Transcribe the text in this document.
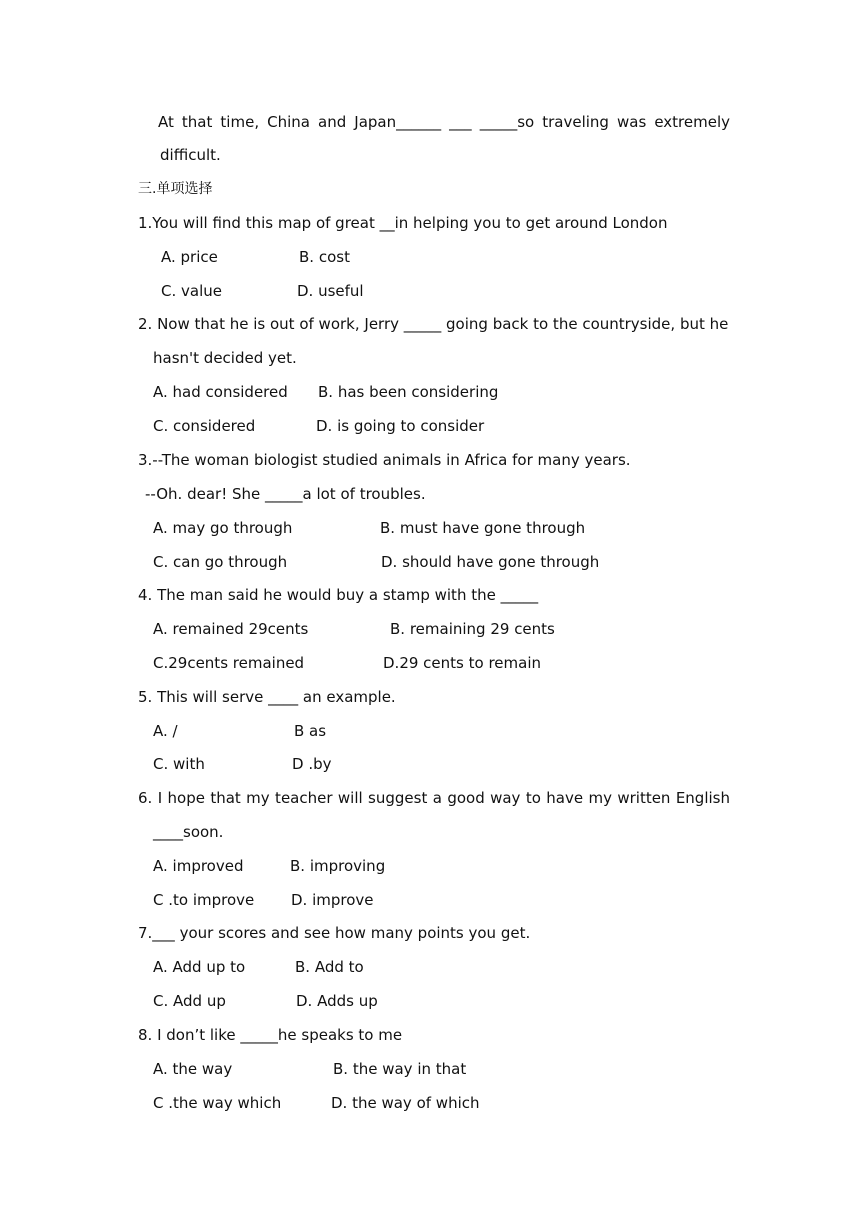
At that time, China and Japan______ ___ _____so traveling was extremely
difficult.
三.单项选择
1.You will find this map of great __in helping you to get around London
A. price	B. cost
C. value	D. useful
2. Now that he is out of work, Jerry _____ going back to the countryside, but he
hasn't decided yet.
A. had considered B. has been considering
C. considered	D. is going to consider
3.--The woman biologist studied animals in Africa for many years.
--Oh. dear! She _____a lot of troubles.
A. may go through	B. must have gone through
C. can go through	D. should have gone through
4. The man said he would buy a stamp with the _____
A. remained 29cents	B. remaining 29 cents
C.29cents remained	D.29 cents to remain
5. This will serve ____ an example.
A. /	B as
C. with	D .by
6. I hope that my teacher will suggest a good way to have my written English
____soon.
A. improved	B. improving
C .to improve D. improve
7.___ your scores and see how many points you get.
A. Add up to	B. Add to
C. Add up	D. Adds up
8. I don’t like _____he speaks to me
A. the way	B. the way in that
C .the way which	D. the way of which
